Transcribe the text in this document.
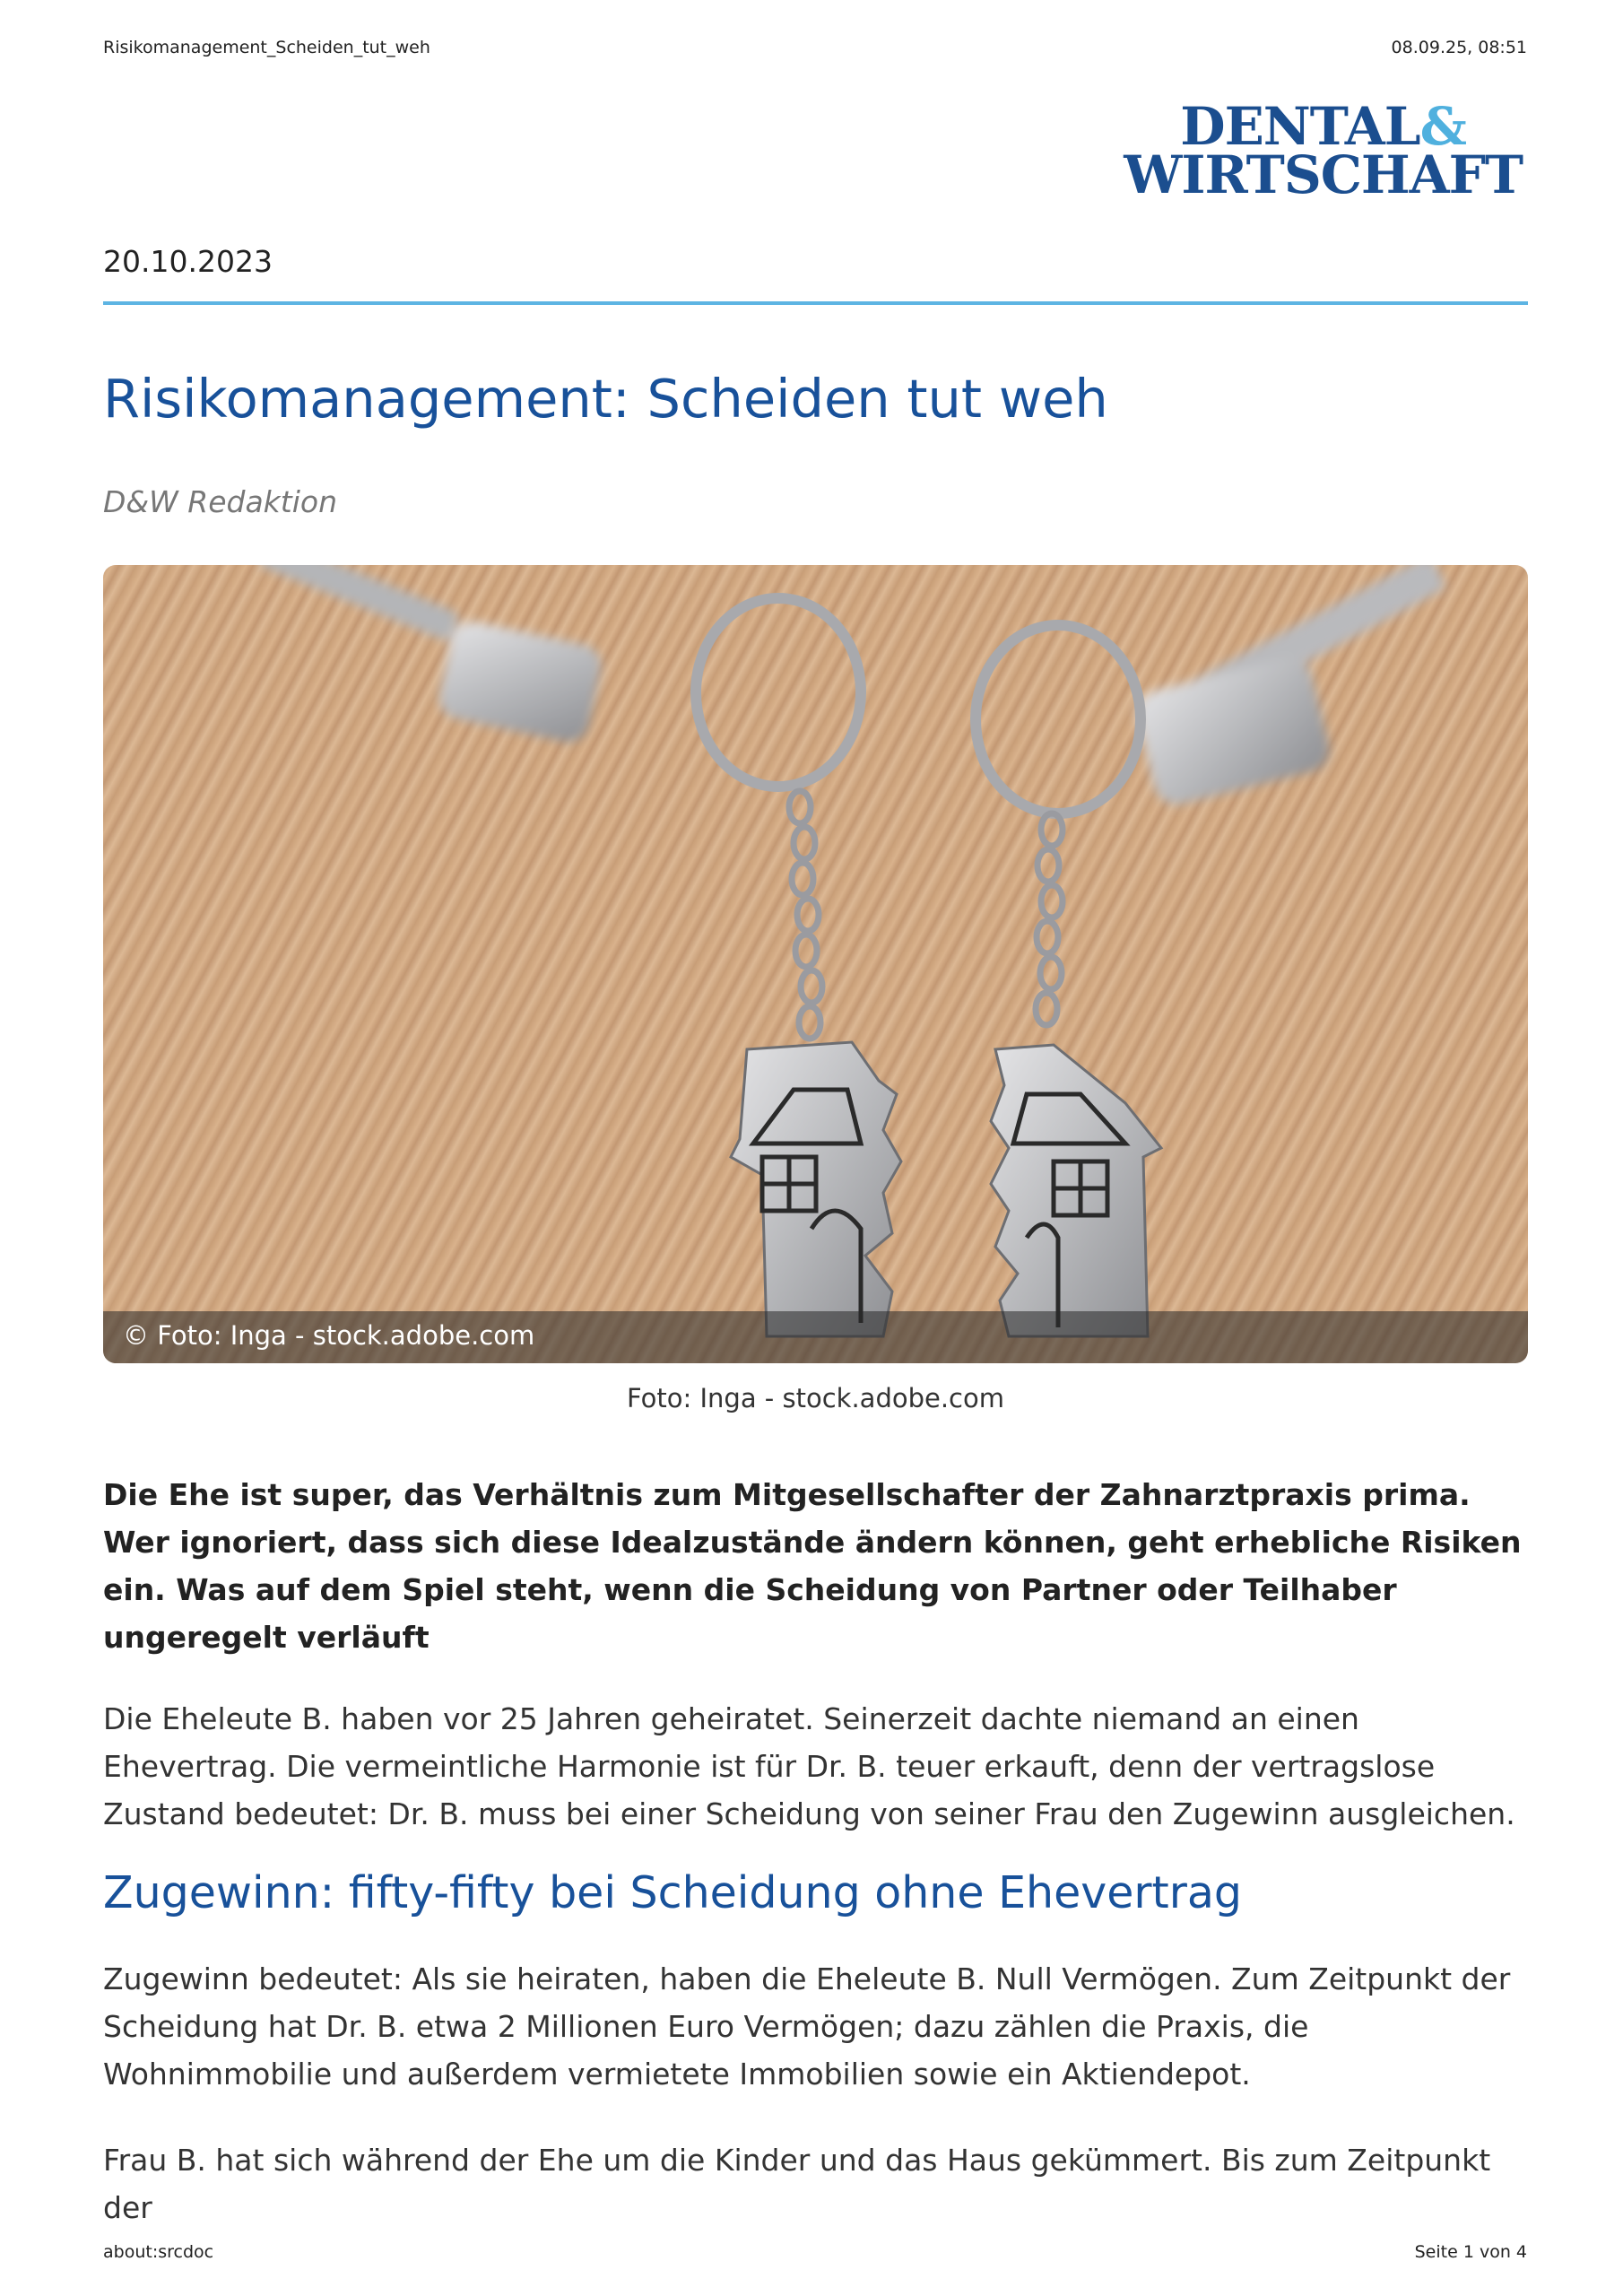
Risikomanagement_Scheiden_tut_weh	08.09.25, 08:51
DENTAL&
WIRTSCHAFT
20.10.2023
Risikomanagement: Scheiden tut weh
D&W Redaktion
© Foto: Inga - stock.adobe.com
Foto: Inga - stock.adobe.com

Die Ehe ist super, das Verhältnis zum Mitgesellschafter der Zahnarztpraxis prima. Wer ignoriert, dass sich diese Idealzustände ändern können, geht erhebliche Risiken ein. Was auf dem Spiel steht, wenn die Scheidung von Partner oder Teilhaber ungeregelt verläuft

Die Eheleute B. haben vor 25 Jahren geheiratet. Seinerzeit dachte niemand an einen Ehevertrag. Die vermeintliche Harmonie ist für Dr. B. teuer erkauft, denn der vertragslose Zustand bedeutet: Dr. B. muss bei einer Scheidung von seiner Frau den Zugewinn ausgleichen.

Zugewinn: fifty-fifty bei Scheidung ohne Ehevertrag

Zugewinn bedeutet: Als sie heiraten, haben die Eheleute B. Null Vermögen. Zum Zeitpunkt der Scheidung hat Dr. B. etwa 2 Millionen Euro Vermögen; dazu zählen die Praxis, die Wohnimmobilie und außerdem vermietete Immobilien sowie ein Aktiendepot.

Frau B. hat sich während der Ehe um die Kinder und das Haus gekümmert. Bis zum Zeitpunkt der

about:srcdoc	Seite 1 von 4
